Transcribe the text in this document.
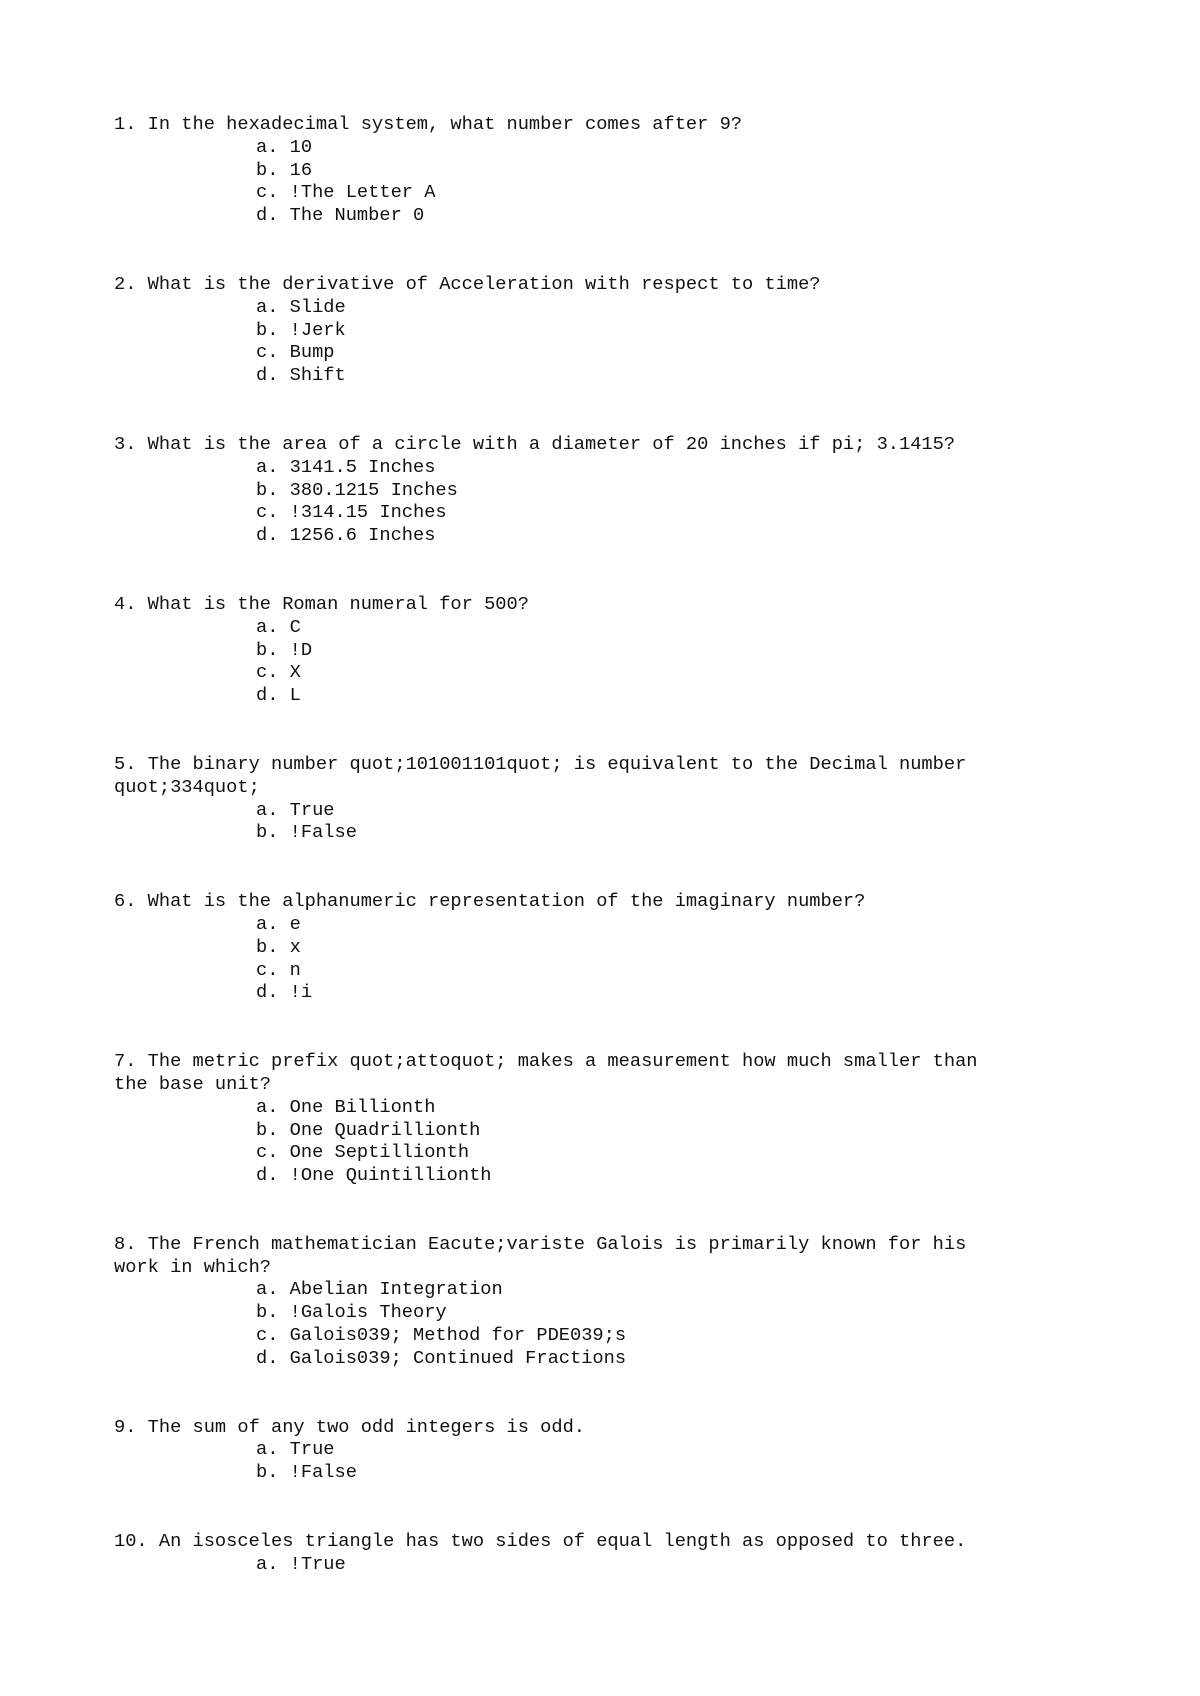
1. In the hexadecimal system, what number comes after 9?

a. 10
b. 16
c. !The Letter A
d. The Number 0

2. What is the derivative of Acceleration with respect to time?

a. Slide
b. !Jerk
c. Bump
d. Shift

3. What is the area of a circle with a diameter of 20 inches if pi; 3.1415?

a. 3141.5 Inches
b. 380.1215 Inches
c. !314.15 Inches
d. 1256.6 Inches

4. What is the Roman numeral for 500?

a. C
b. !D
c. X
d. L

5. The binary number quot;101001101quot; is equivalent to the Decimal number
quot;334quot;

a. True
b. !False

6. What is the alphanumeric representation of the imaginary number?

a. e
b. x
c. n
d. !i

7. The metric prefix quot;attoquot; makes a measurement how much smaller than
the base unit?

a. One Billionth
b. One Quadrillionth
c. One Septillionth
d. !One Quintillionth

8. The French mathematician Eacute;variste Galois is primarily known for his
work in which?

a. Abelian Integration
b. !Galois Theory
c. Galois039; Method for PDE039;s
d. Galois039; Continued Fractions

9. The sum of any two odd integers is odd.

a. True
b. !False

10. An isosceles triangle has two sides of equal length as opposed to three.

a. !True
